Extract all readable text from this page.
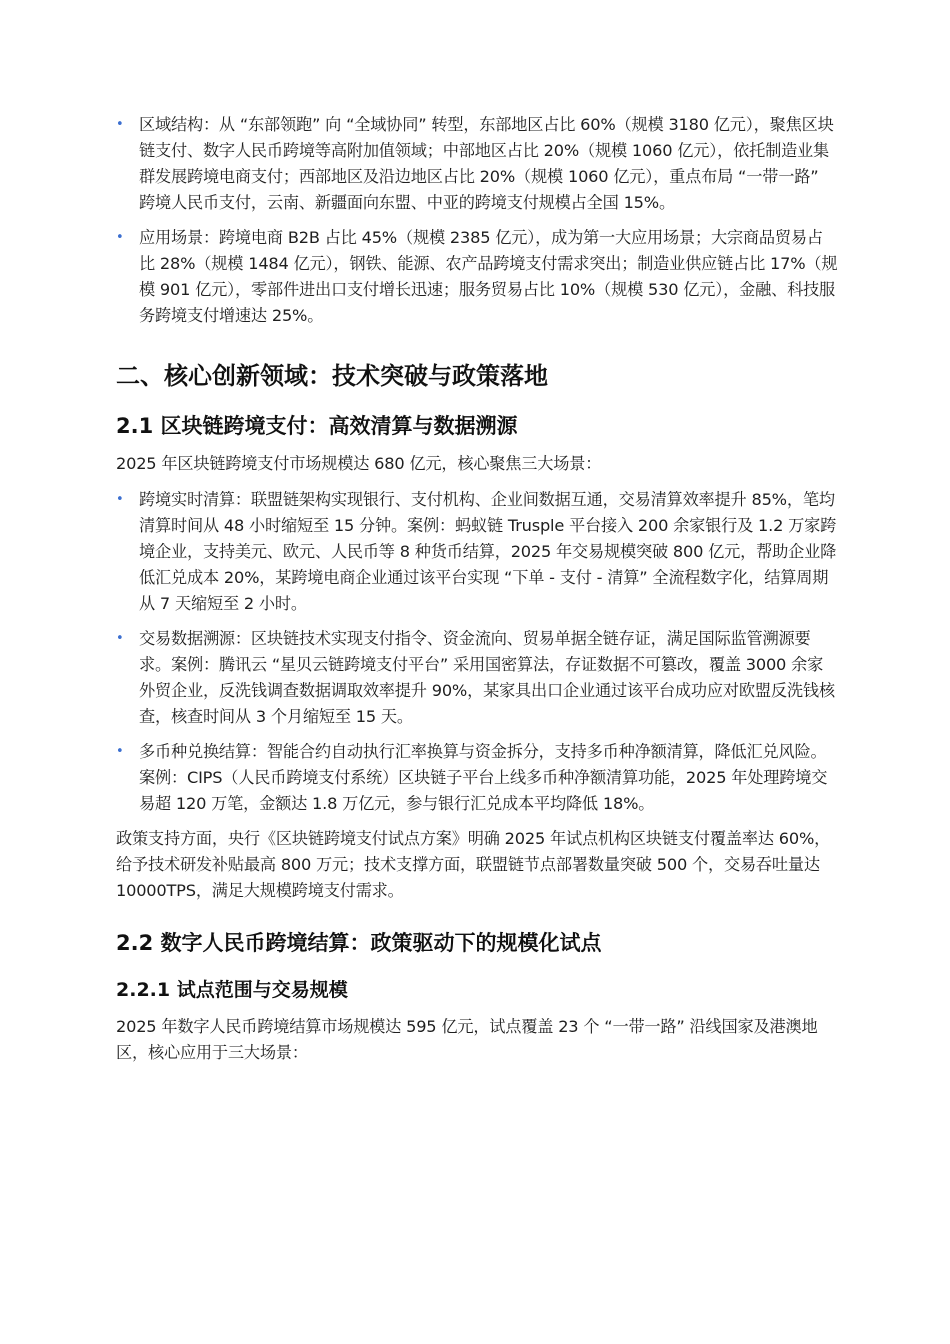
• 区域结构：从 “东部领跑” 向 “全域协同” 转型，东部地区占比 60%（规模 3180 亿元），聚焦区块链支付、数字人民币跨境等高附加值领域；中部地区占比 20%（规模 1060 亿元），依托制造业集群发展跨境电商支付；西部地区及沿边地区占比 20%（规模 1060 亿元），重点布局 “一带一路” 跨境人民币支付，云南、新疆面向东盟、中亚的跨境支付规模占全国 15%。
• 应用场景：跨境电商 B2B 占比 45%（规模 2385 亿元），成为第一大应用场景；大宗商品贸易占比 28%（规模 1484 亿元），钢铁、能源、农产品跨境支付需求突出；制造业供应链占比 17%（规模 901 亿元），零部件进出口支付增长迅速；服务贸易占比 10%（规模 530 亿元），金融、科技服务跨境支付增速达 25%。
二、核心创新领域：技术突破与政策落地
2.1 区块链跨境支付：高效清算与数据溯源

2025 年区块链跨境支付市场规模达 680 亿元，核心聚焦三大场景：

• 跨境实时清算：联盟链架构实现银行、支付机构、企业间数据互通，交易清算效率提升 85%，笔均清算时间从 48 小时缩短至 15 分钟。案例：蚂蚁链 Trusple 平台接入 200 余家银行及 1.2 万家跨境企业，支持美元、欧元、人民币等 8 种货币结算，2025 年交易规模突破 800 亿元，帮助企业降低汇兑成本 20%，某跨境电商企业通过该平台实现 “下单 - 支付 - 清算” 全流程数字化，结算周期从 7 天缩短至 2 小时。
• 交易数据溯源：区块链技术实现支付指令、资金流向、贸易单据全链存证，满足国际监管溯源要求。案例：腾讯云 “星贝云链跨境支付平台” 采用国密算法，存证数据不可篡改，覆盖 3000 余家外贸企业，反洗钱调查数据调取效率提升 90%，某家具出口企业通过该平台成功应对欧盟反洗钱核查，核查时间从 3 个月缩短至 15 天。
• 多币种兑换结算：智能合约自动执行汇率换算与资金拆分，支持多币种净额清算，降低汇兑风险。案例：CIPS（人民币跨境支付系统）区块链子平台上线多币种净额清算功能，2025 年处理跨境交易超 120 万笔，金额达 1.8 万亿元，参与银行汇兑成本平均降低 18%。

政策支持方面，央行《区块链跨境支付试点方案》明确 2025 年试点机构区块链支付覆盖率达 60%，给予技术研发补贴最高 800 万元；技术支撑方面，联盟链节点部署数量突破 500 个，交易吞吐量达 10000TPS，满足大规模跨境支付需求。

2.2 数字人民币跨境结算：政策驱动下的规模化试点
2.2.1 试点范围与交易规模

2025 年数字人民币跨境结算市场规模达 595 亿元，试点覆盖 23 个 “一带一路” 沿线国家及港澳地区，核心应用于三大场景：
